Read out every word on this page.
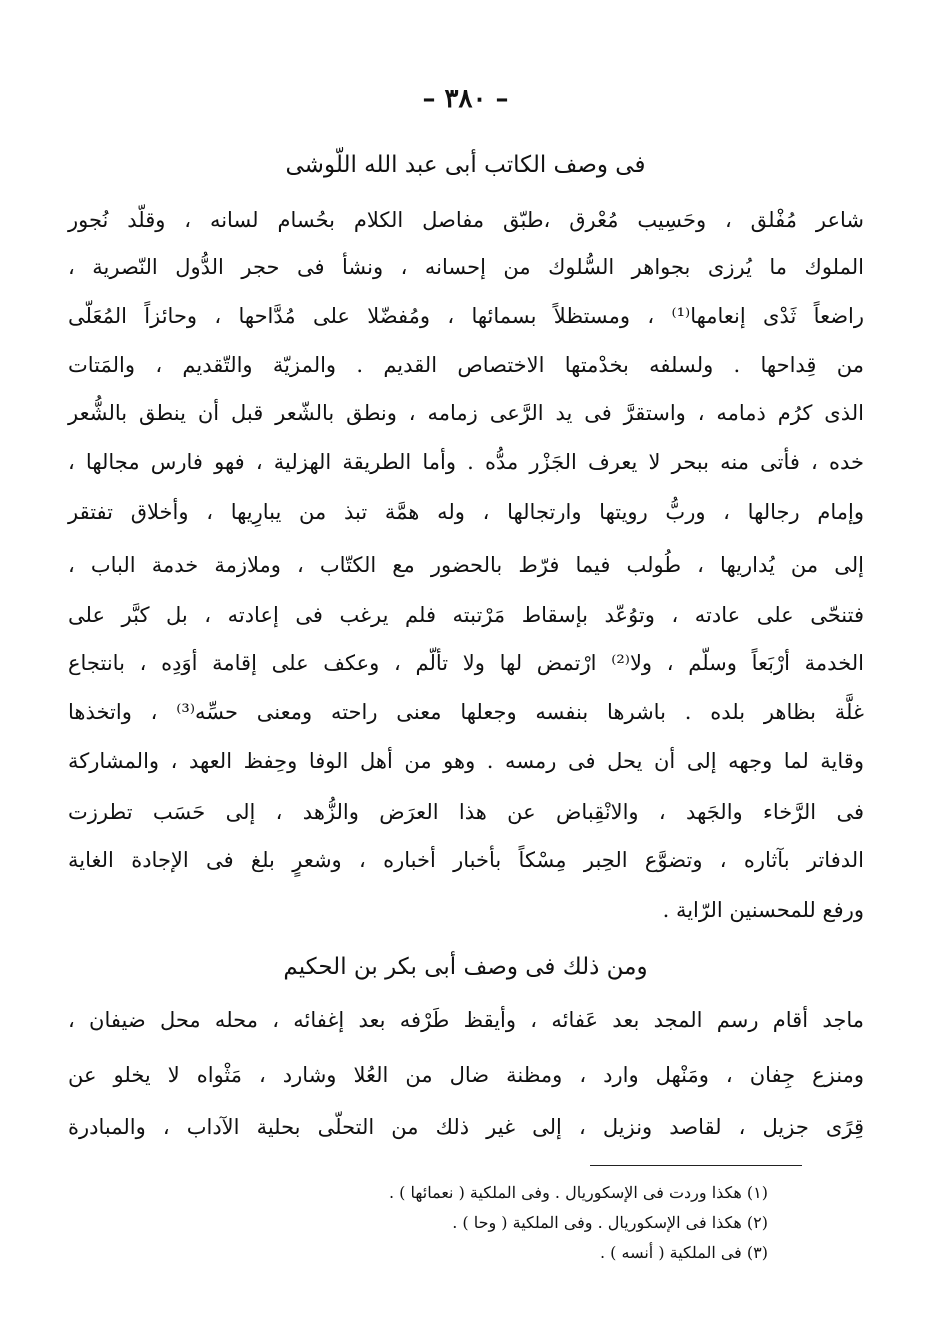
– ٣٨٠ –
فى وصف الكاتب أبى عبد الله اللّوشى
شاعر مُفْلق ، وحَسِيب مُعْرق ،طبّق مفاصل الكلام بحُسام لسانه ، وقلّد نُجور
الملوك ما يُرزى بجواهر السُّلوك من إحسانه ، ونشأ فى حجر الدُّول النّصرية ،
راضعاً ثَدْى إنعامها⁽¹⁾ ، ومستظلاً بسمائها ، ومُفضّلا على مُدَّاحها ، وحائزاً المُعَلّى
من قِداحها . ولسلفه بخدْمتها الاختصاص القديم . والمزيّة والتّقديم ، والمَتات
الذى كرُم ذمامه ، واستقرَّ فى يد الرَّعى زمامه ، ونطق بالشّعر قبل أن ينطق بالشُّعر
خده ، فأتى منه ببحر لا يعرف الجَزْر مدُّه . وأما الطريقة الهزلية ، فهو فارس مجالها ،
وإمام رجالها ، وربُّ رويتها وارتجالها ، وله همَّة تبذ من يبارِيها ، وأخلاق تفتقر
إلى من يُداريها ، طُولب فيما فرّط بالحضور مع الكتّاب ، وملازمة خدمة الباب ،
فتنحّى على عادته ، وتوُعّد بإسقاط مَرْتبته فلم يرغب فى إعادته ، بل كبَّر على
الخدمة أرْبَعاً وسلّم ، ولا⁽²⁾ ارْتمض لها ولا تألّم ، وعكف على إقامة أوَدِه ، بانتجاع
غلَّة بظاهر بلده . باشرها بنفسه وجعلها معنى راحته ومعنى حسِّه⁽³⁾ ، واتخذها
وقاية لما وجهه إلى أن يحل فى رمسه . وهو من أهل الوفا وحِفظ العهد ، والمشاركة
فى الرَّخاء والجَهد ، والانْقِباض عن هذا العرَض والزُّهد ، إلى حَسَب تطرزت
الدفاتر بآثاره ، وتضوَّع الحِبر مِسْكاً بأخبار أخباره ، وشعرٍ بلغ فى الإجادة الغاية
ورفع للمحسنين الرّاية .
ومن ذلك فى وصف أبى بكر بن الحكيم
ماجد أقام رسم المجد بعد عَفائه ، وأيقظ طَرْفه بعد إغفائه ، محله محل ضيفان ،
ومنزع جِفان ، ومَنْهل وارد ، ومظنة ضال من العُلا وشارد ، مَثْواه لا يخلو عن
قِرًى جزيل ، لقاصد ونزيل ، إلى غير ذلك من التحلّى بحلية الآداب ، والمبادرة
(١) هكذا وردت فى الإسكوريال . وفى الملكية ( نعمائها ) .
(٢) هكذا فى الإسكوريال . وفى الملكية ( وحا ) .
(٣) فى الملكية ( أنسه ) .
